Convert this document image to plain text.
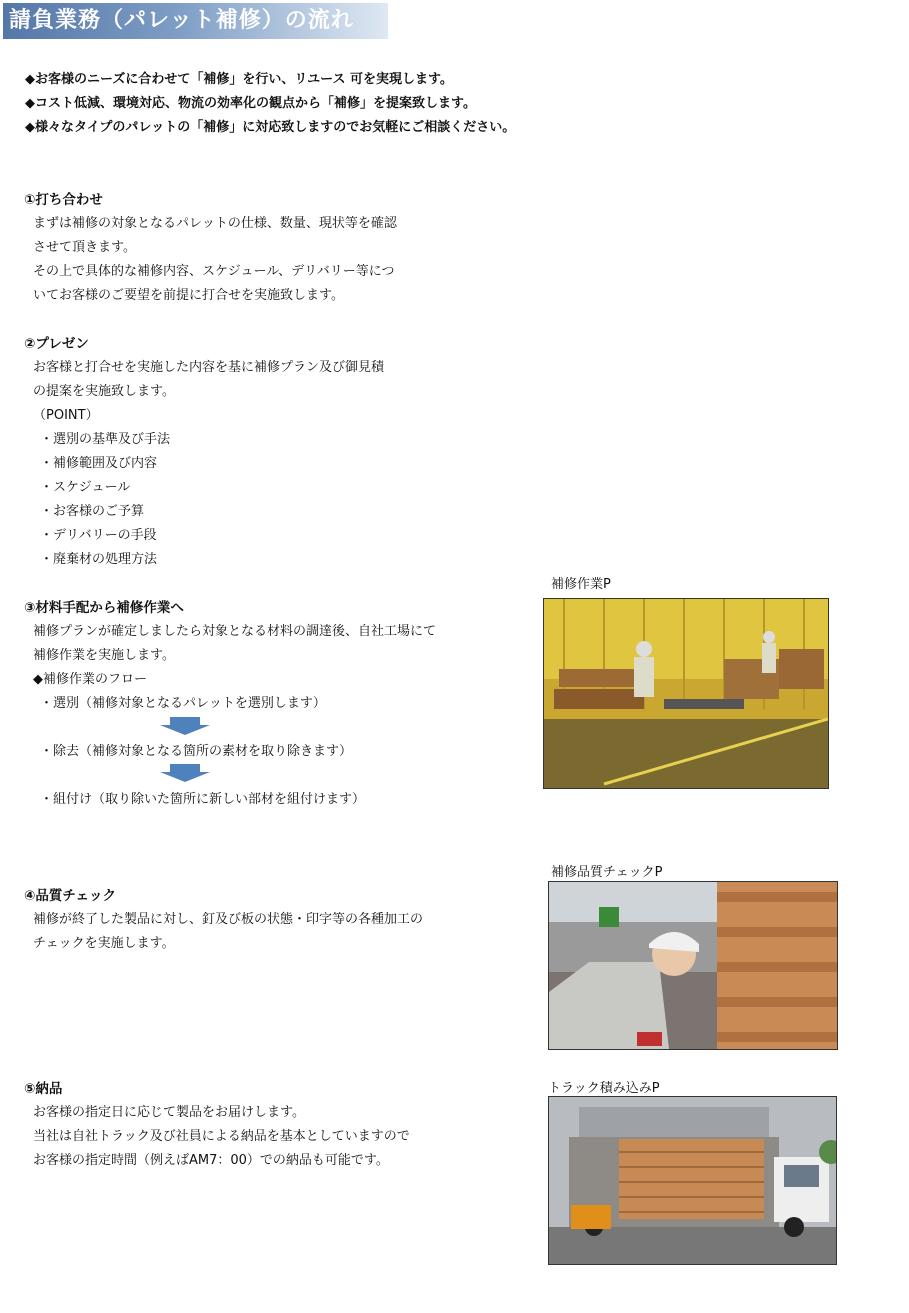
請負業務（パレット補修）の流れ
◆お客様のニーズに合わせて「補修」を行い、リユース 可を実現します。
◆コスト低減、環境対応、物流の効率化の観点から「補修」を提案致します。
◆様々なタイプのパレットの「補修」に対応致しますのでお気軽にご相談ください。
①打ち合わせ
まずは補修の対象となるパレットの仕様、数量、現状等を確認
させて頂きます。
その上で具体的な補修内容、スケジュール、デリバリー等につ
いてお客様のご要望を前提に打合せを実施致します。
②プレゼン
お客様と打合せを実施した内容を基に補修プラン及び御見積
の提案を実施致します。
（POINT）
・選別の基準及び手法
・補修範囲及び内容
・スケジュール
・お客様のご予算
・デリバリーの手段
・廃棄材の処理方法
③材料手配から補修作業へ
補修プランが確定しましたら対象となる材料の調達後、自社工場にて
補修作業を実施します。
◆補修作業のフロー
・選別（補修対象となるパレットを選別します）
・除去（補修対象となる箇所の素材を取り除きます）
・組付け（取り除いた箇所に新しい部材を組付けます）
補修作業P
補修品質チェックP
④品質チェック
補修が終了した製品に対し、釘及び板の状態・印字等の各種加工の
チェックを実施します。
トラック積み込みP
⑤納品
お客様の指定日に応じて製品をお届けします。
当社は自社トラック及び社員による納品を基本としていますので
お客様の指定時間（例えばAM7：00）での納品も可能です。
